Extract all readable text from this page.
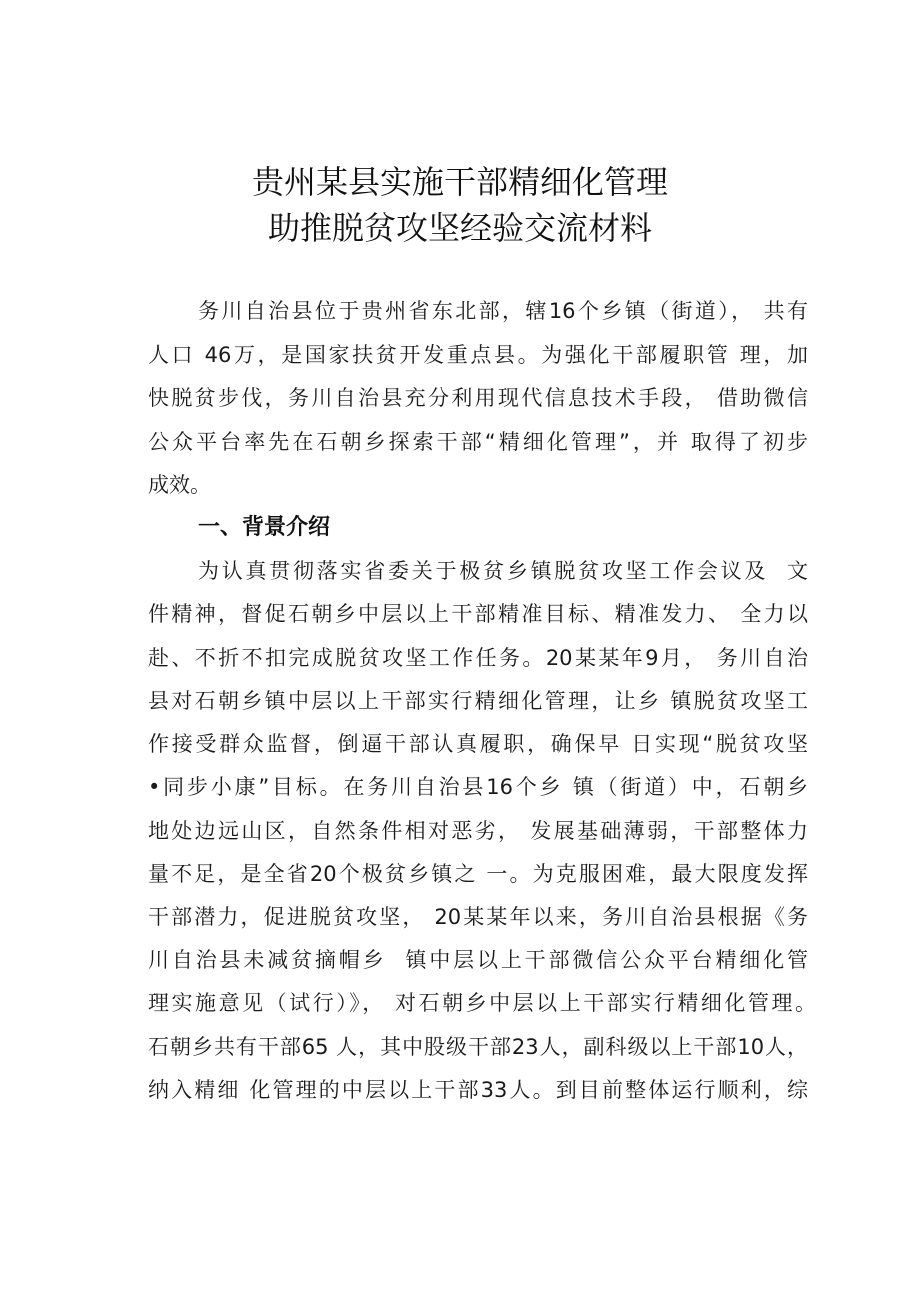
贵州某县实施干部精细化管理
助推脱贫攻坚经验交流材料
务川自治县位于贵州省东北部，辖16个乡镇（街道）， 共有
人口 46万，是国家扶贫开发重点县。为强化干部履职管 理，加
快脱贫步伐，务川自治县充分利用现代信息技术手段， 借助微信
公众平台率先在石朝乡探索干部“精细化管理”，并 取得了初步
成效。
一、背景介绍
为认真贯彻落实省委关于极贫乡镇脱贫攻坚工作会议及  文
件精神，督促石朝乡中层以上干部精准目标、精准发力、 全力以
赴、不折不扣完成脱贫攻坚工作任务。20某某年9月， 务川自治
县对石朝乡镇中层以上干部实行精细化管理，让乡 镇脱贫攻坚工
作接受群众监督，倒逼干部认真履职，确保早 日实现“脱贫攻坚
•同步小康”目标。在务川自治县16个乡 镇（街道）中，石朝乡
地处边远山区，自然条件相对恶劣， 发展基础薄弱，干部整体力
量不足，是全省20个极贫乡镇之 一。为克服困难，最大限度发挥
干部潜力，促进脱贫攻坚， 20某某年以来，务川自治县根据《务
川自治县未减贫摘帽乡  镇中层以上干部微信公众平台精细化管
理实施意见（试行）》， 对石朝乡中层以上干部实行精细化管理。
石朝乡共有干部65 人，其中股级干部23人，副科级以上干部10人，
纳入精细 化管理的中层以上干部33人。到目前整体运行顺利，综
